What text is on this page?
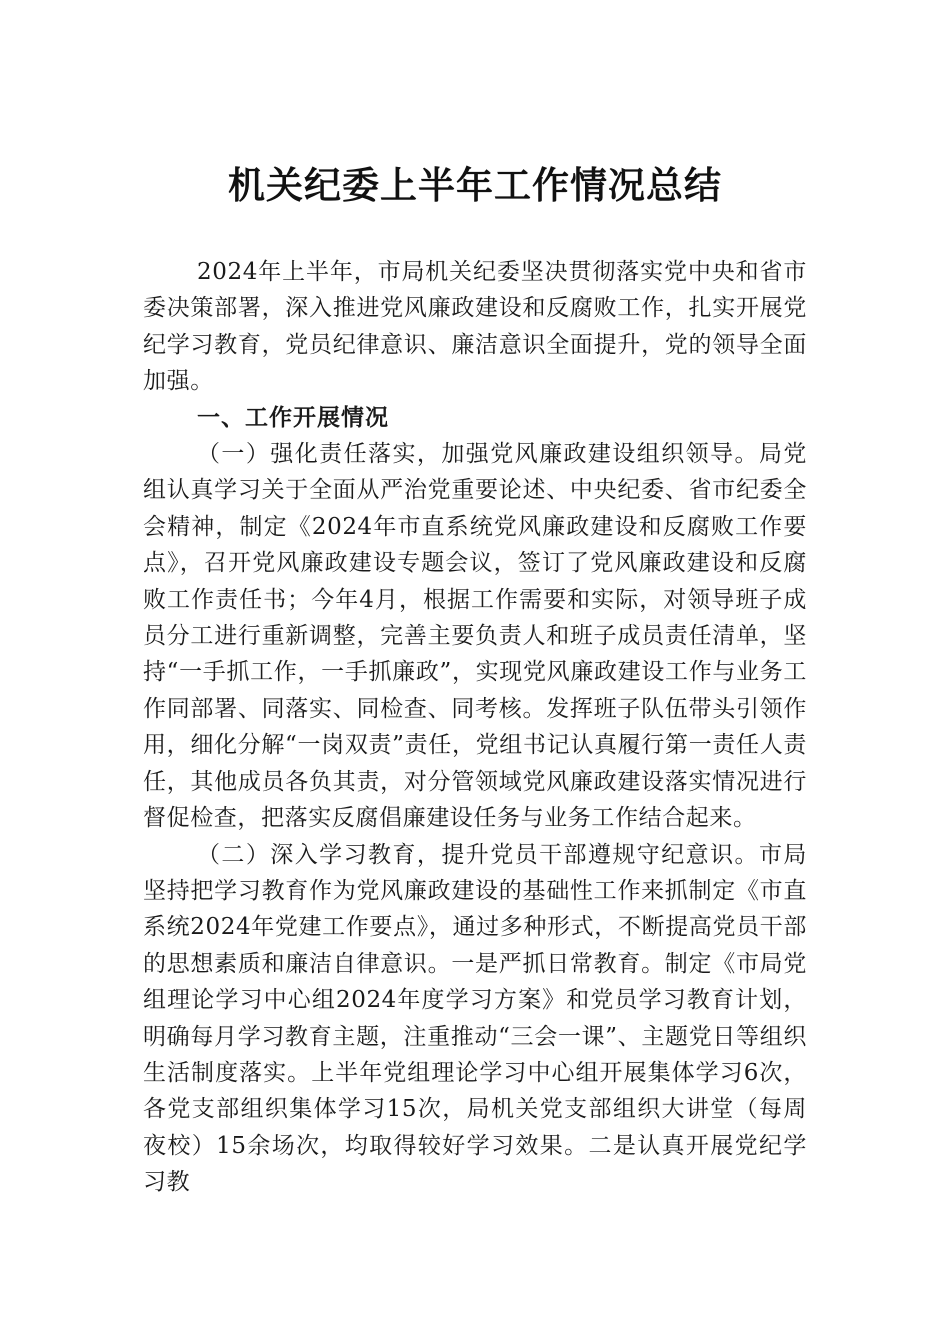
机关纪委上半年工作情况总结

2024年上半年，市局机关纪委坚决贯彻落实党中央和省市委决策部署，深入推进党风廉政建设和反腐败工作，扎实开展党纪学习教育，党员纪律意识、廉洁意识全面提升，党的领导全面加强。

一、工作开展情况

（一）强化责任落实，加强党风廉政建设组织领导。局党组认真学习关于全面从严治党重要论述、中央纪委、省市纪委全会精神，制定《2024年市直系统党风廉政建设和反腐败工作要点》，召开党风廉政建设专题会议，签订了党风廉政建设和反腐败工作责任书；今年4月，根据工作需要和实际，对领导班子成员分工进行重新调整，完善主要负责人和班子成员责任清单，坚持“一手抓工作，一手抓廉政”，实现党风廉政建设工作与业务工作同部署、同落实、同检查、同考核。发挥班子队伍带头引领作用，细化分解“一岗双责”责任，党组书记认真履行第一责任人责任，其他成员各负其责，对分管领域党风廉政建设落实情况进行督促检查，把落实反腐倡廉建设任务与业务工作结合起来。

（二）深入学习教育，提升党员干部遵规守纪意识。市局坚持把学习教育作为党风廉政建设的基础性工作来抓制定《市直系统2024年党建工作要点》，通过多种形式，不断提高党员干部的思想素质和廉洁自律意识。一是严抓日常教育。制定《市局党组理论学习中心组2024年度学习方案》和党员学习教育计划，明确每月学习教育主题，注重推动“三会一课”、主题党日等组织生活制度落实。上半年党组理论学习中心组开展集体学习6次，各党支部组织集体学习15次，局机关党支部组织大讲堂（每周夜校）15余场次，均取得较好学习效果。二是认真开展党纪学习教
